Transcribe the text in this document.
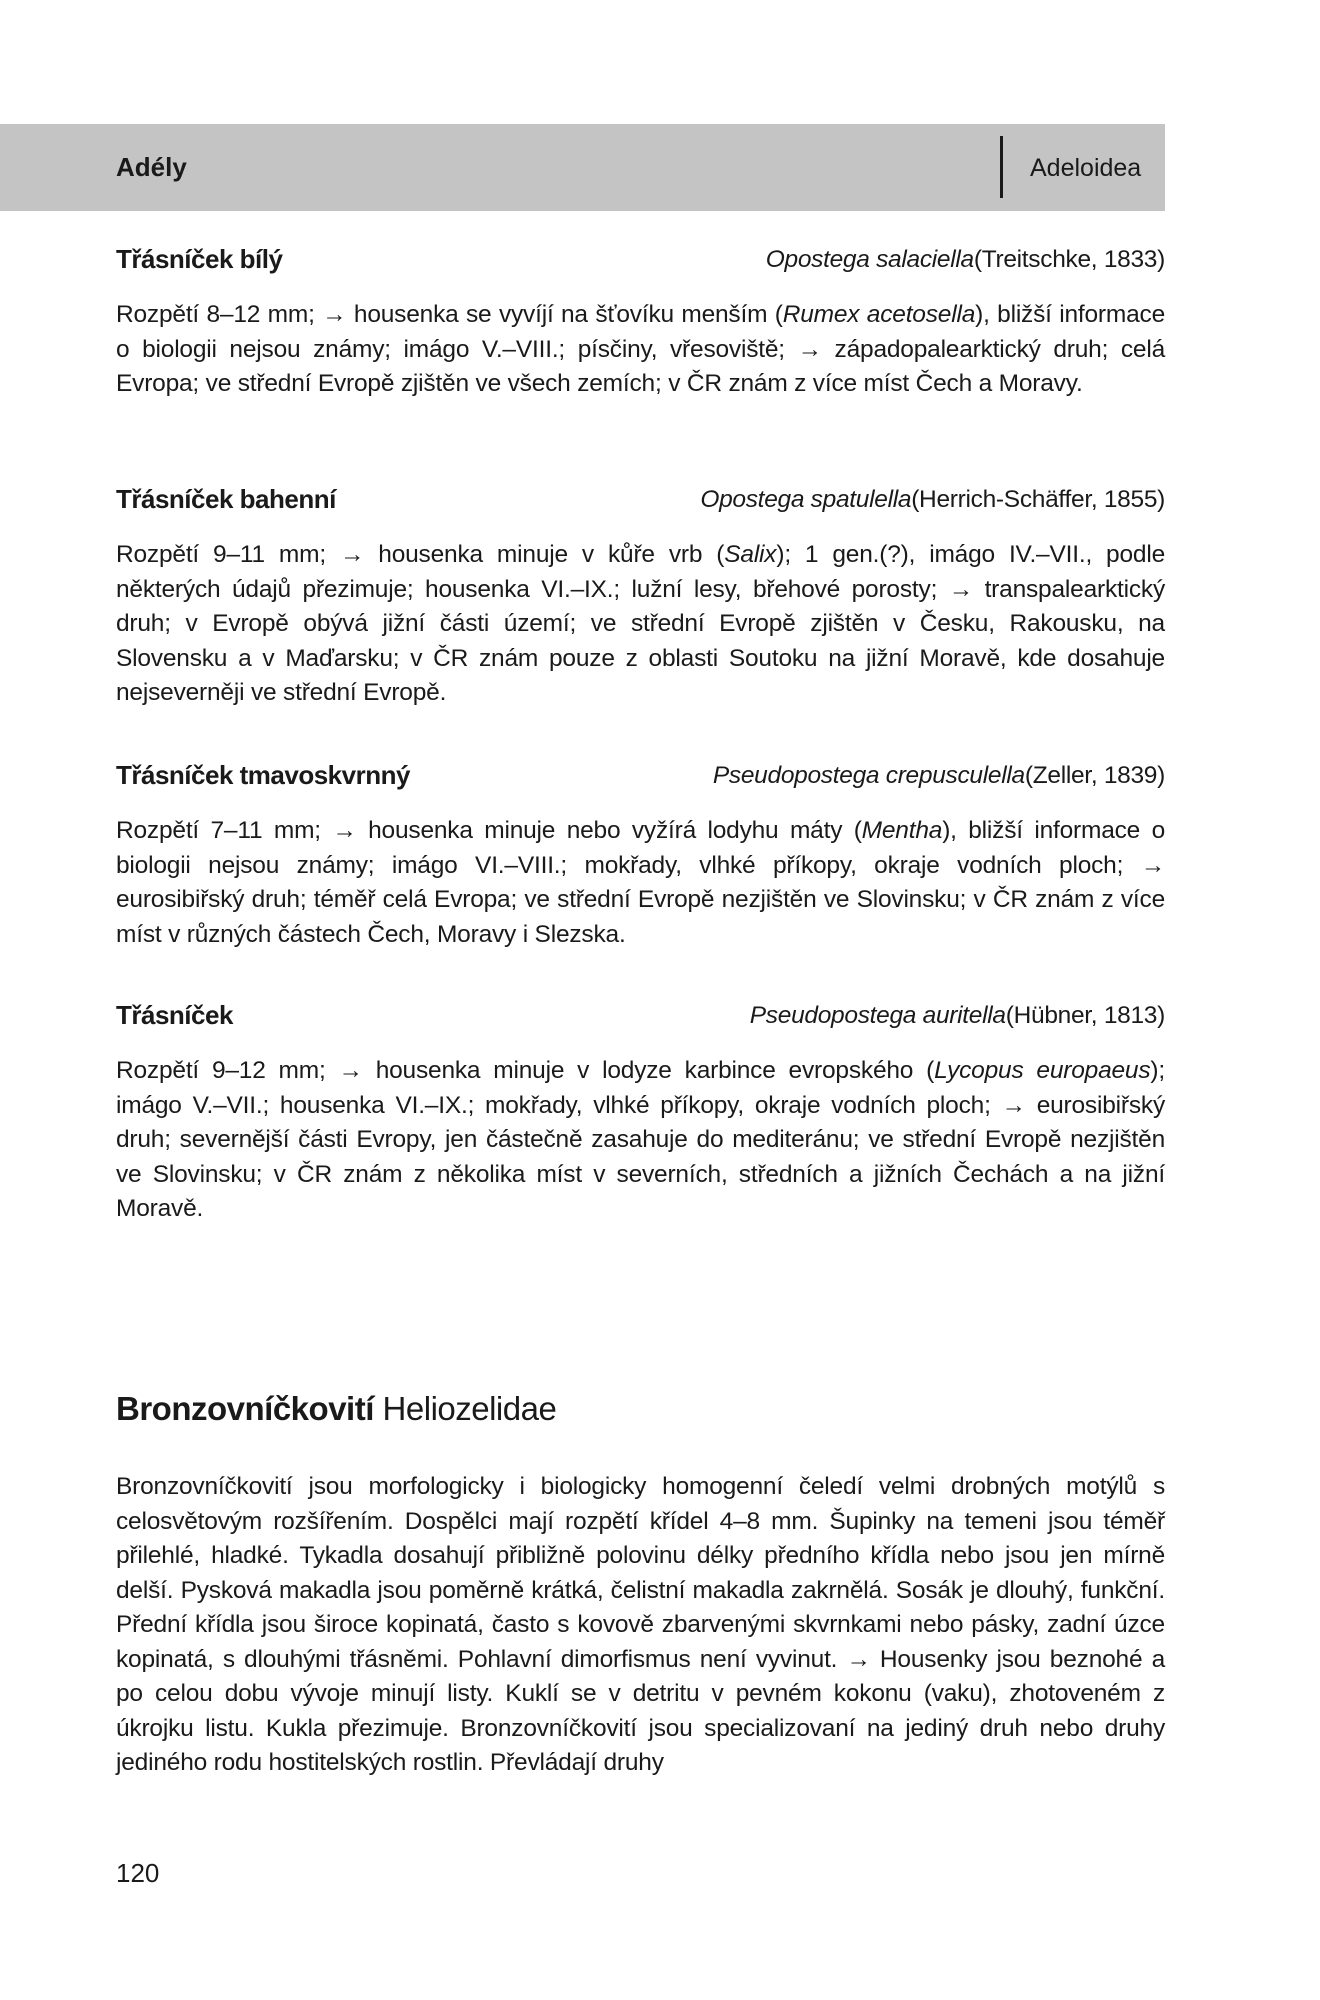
Adély	Adeloidea
Třásníček bílý	Opostega salaciella(Treitschke, 1833)

Rozpětí 8–12 mm; → housenka se vyvíjí na šťovíku menším (Rumex acetosella), bližší informace o biologii nejsou známy; imágo V.–VIII.; písčiny, vřesoviště; → západopalearktický druh; celá Evropa; ve střední Evropě zjištěn ve všech zemích; v ČR znám z více míst Čech a Moravy.

Třásníček bahenní	Opostega spatulella(Herrich-Schäffer, 1855)

Rozpětí 9–11 mm; → housenka minuje v kůře vrb (Salix); 1 gen.(?), imágo IV.–VII., podle některých údajů přezimuje; housenka VI.–IX.; lužní lesy, břehové porosty; → transpalearktický druh; v Evropě obývá jižní části území; ve střední Evropě zjištěn v Česku, Rakousku, na Slovensku a v Maďarsku; v ČR znám pouze z oblasti Soutoku na jižní Moravě, kde dosahuje nejseverněji ve střední Evropě.

Třásníček tmavoskvrnný	Pseudopostega crepusculella(Zeller, 1839)

Rozpětí 7–11 mm; → housenka minuje nebo vyžírá lodyhu máty (Mentha), bližší informace o biologii nejsou známy; imágo VI.–VIII.; mokřady, vlhké příkopy, okraje vodních ploch; → eurosibiřský druh; téměř celá Evropa; ve střední Evropě nezjištěn ve Slovinsku; v ČR znám z více míst v různých částech Čech, Moravy i Slezska.

Třásníček	Pseudopostega auritella(Hübner, 1813)

Rozpětí 9–12 mm; → housenka minuje v lodyze karbince evropského (Lycopus europaeus); imágo V.–VII.; housenka VI.–IX.; mokřady, vlhké příkopy, okraje vodních ploch; → eurosibiřský druh; severnější části Evropy, jen částečně zasahuje do mediteránu; ve střední Evropě nezjištěn ve Slovinsku; v ČR znám z několika míst v severních, středních a jižních Čechách a na jižní Moravě.

Bronzovníčkovití Heliozelidae

Bronzovníčkovití jsou morfologicky i biologicky homogenní čeledí velmi drobných motýlů s celosvětovým rozšířením. Dospělci mají rozpětí křídel 4–8 mm. Šupinky na temeni jsou téměř přilehlé, hladké. Tykadla dosahují přibližně polovinu délky předního křídla nebo jsou jen mírně delší. Pysková makadla jsou poměrně krátká, čelistní makadla zakrnělá. Sosák je dlouhý, funkční. Přední křídla jsou široce kopinatá, často s kovově zbarvenými skvrnkami nebo pásky, zadní úzce kopinatá, s dlouhými třásněmi. Pohlavní dimorfismus není vyvinut. → Housenky jsou beznohé a po celou dobu vývoje minují listy. Kuklí se v detritu v pevném kokonu (vaku), zhotoveném z úkrojku listu. Kukla přezimuje. Bronzovníčkovití jsou specializovaní na jediný druh nebo druhy jediného rodu hostitelských rostlin. Převládají druhy

120
